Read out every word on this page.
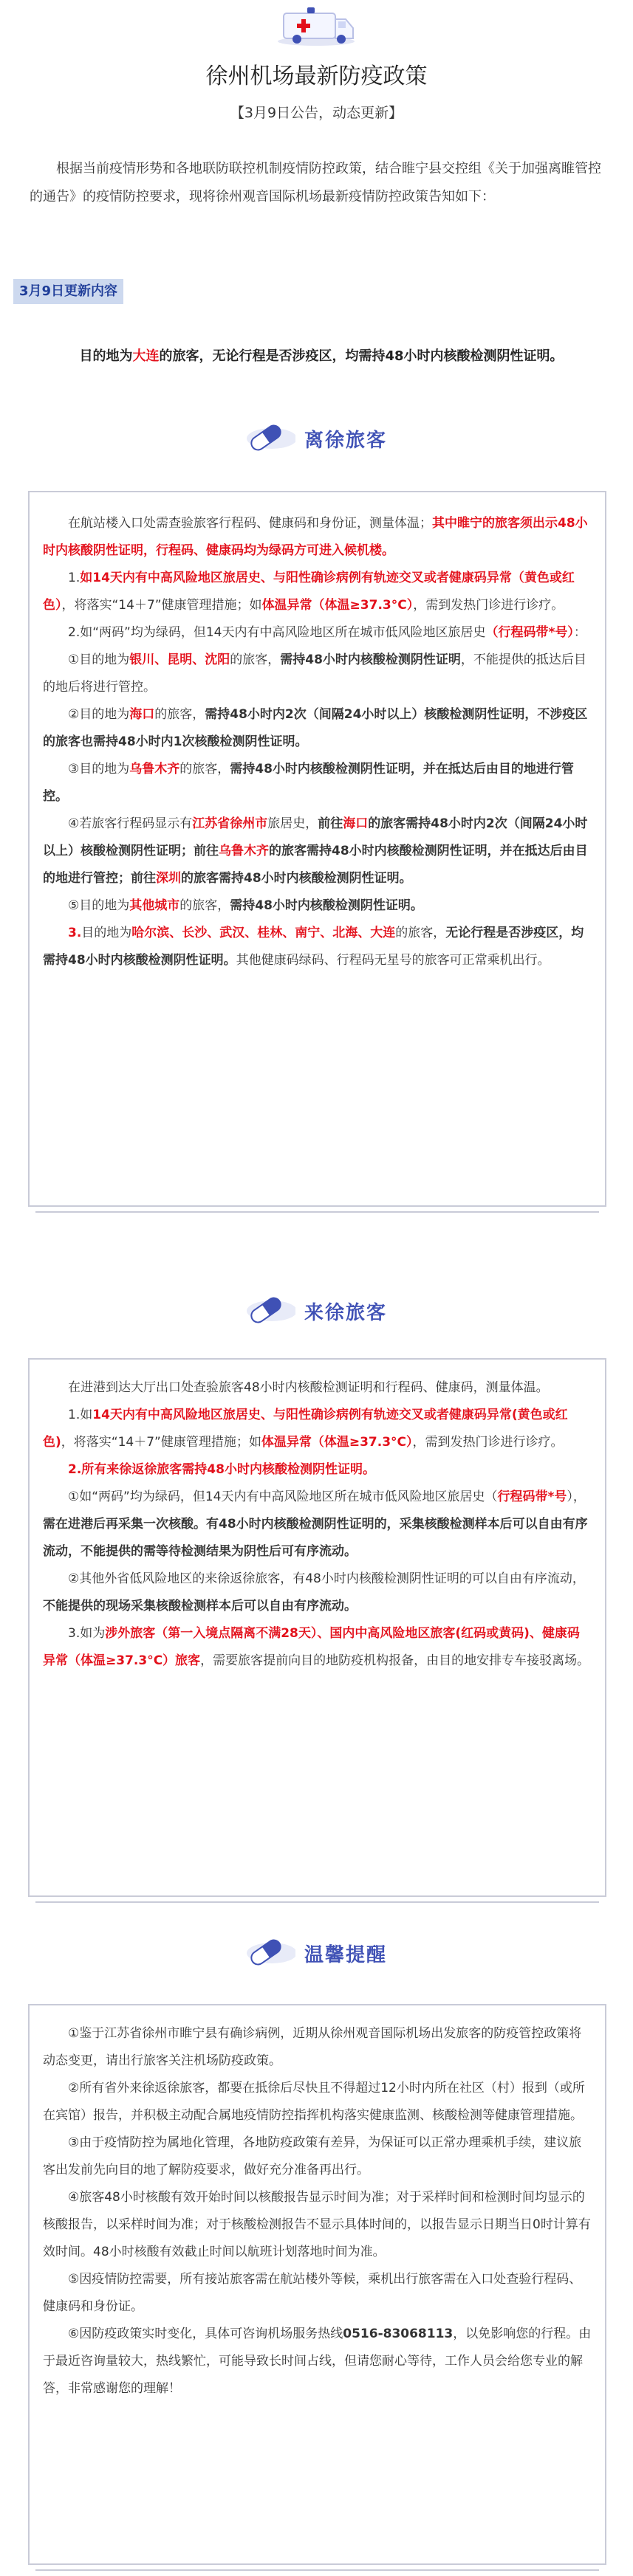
徐州机场最新防疫政策
【3月9日公告，动态更新】
根据当前疫情形势和各地联防联控机制疫情防控政策，结合睢宁县交控组《关于加强离睢管控的通告》的疫情防控要求，现将徐州观音国际机场最新疫情防控政策告知如下：
3月9日更新内容
目的地为大连的旅客，无论行程是否涉疫区，均需持48小时内核酸检测阴性证明。
离徐旅客

在航站楼入口处需查验旅客行程码、健康码和身份证，测量体温；其中睢宁的旅客须出示48小时内核酸阴性证明，行程码、健康码均为绿码方可进入候机楼。

1.如14天内有中高风险地区旅居史、与阳性确诊病例有轨迹交叉或者健康码异常（黄色或红色），将落实“14＋7”健康管理措施；如体温异常（体温≥37.3°C），需到发热门诊进行诊疗。

2.如“两码”均为绿码，但14天内有中高风险地区所在城市低风险地区旅居史（行程码带*号）：

①目的地为银川、昆明、沈阳的旅客，需持48小时内核酸检测阴性证明，不能提供的抵达后目的地后将进行管控。

②目的地为海口的旅客，需持48小时内2次（间隔24小时以上）核酸检测阴性证明，不涉疫区的旅客也需持48小时内1次核酸检测阴性证明。

③目的地为乌鲁木齐的旅客，需持48小时内核酸检测阴性证明，并在抵达后由目的地进行管控。

④若旅客行程码显示有江苏省徐州市旅居史，前往海口的旅客需持48小时内2次（间隔24小时以上）核酸检测阴性证明；前往乌鲁木齐的旅客需持48小时内核酸检测阴性证明，并在抵达后由目的地进行管控；前往深圳的旅客需持48小时内核酸检测阴性证明。

⑤目的地为其他城市的旅客，需持48小时内核酸检测阴性证明。

3.目的地为哈尔滨、长沙、武汉、桂林、南宁、北海、大连的旅客，无论行程是否涉疫区，均需持48小时内核酸检测阴性证明。其他健康码绿码、行程码无星号的旅客可正常乘机出行。

来徐旅客

在进港到达大厅出口处查验旅客48小时内核酸检测证明和行程码、健康码，测量体温。

1.如14天内有中高风险地区旅居史、与阳性确诊病例有轨迹交叉或者健康码异常(黄色或红色)，将落实“14＋7”健康管理措施；如体温异常（体温≥37.3°C），需到发热门诊进行诊疗。

2.所有来徐返徐旅客需持48小时内核酸检测阴性证明。

①如“两码”均为绿码，但14天内有中高风险地区所在城市低风险地区旅居史（行程码带*号），需在进港后再采集一次核酸。有48小时内核酸检测阴性证明的，采集核酸检测样本后可以自由有序流动，不能提供的需等待检测结果为阴性后可有序流动。

②其他外省低风险地区的来徐返徐旅客，有48小时内核酸检测阴性证明的可以自由有序流动，不能提供的现场采集核酸检测样本后可以自由有序流动。

3.如为涉外旅客（第一入境点隔离不满28天）、国内中高风险地区旅客(红码或黄码)、健康码异常（体温≥37.3°C）旅客，需要旅客提前向目的地防疫机构报备，由目的地安排专车接驳离场。

温馨提醒

①鉴于江苏省徐州市睢宁县有确诊病例，近期从徐州观音国际机场出发旅客的防疫管控政策将动态变更，请出行旅客关注机场防疫政策。

②所有省外来徐返徐旅客，都要在抵徐后尽快且不得超过12小时内所在社区（村）报到（或所在宾馆）报告，并积极主动配合属地疫情防控指挥机构落实健康监测、核酸检测等健康管理措施。

③由于疫情防控为属地化管理，各地防疫政策有差异，为保证可以正常办理乘机手续，建议旅客出发前先向目的地了解防疫要求，做好充分准备再出行。

④旅客48小时核酸有效开始时间以核酸报告显示时间为准；对于采样时间和检测时间均显示的核酸报告，以采样时间为准；对于核酸检测报告不显示具体时间的，以报告显示日期当日0时计算有效时间。48小时核酸有效截止时间以航班计划落地时间为准。

⑤因疫情防控需要，所有接站旅客需在航站楼外等候，乘机出行旅客需在入口处查验行程码、健康码和身份证。

⑥因防疫政策实时变化，具体可咨询机场服务热线0516-83068113，以免影响您的行程。由于最近咨询量较大，热线繁忙，可能导致长时间占线，但请您耐心等待，工作人员会给您专业的解答，非常感谢您的理解！
